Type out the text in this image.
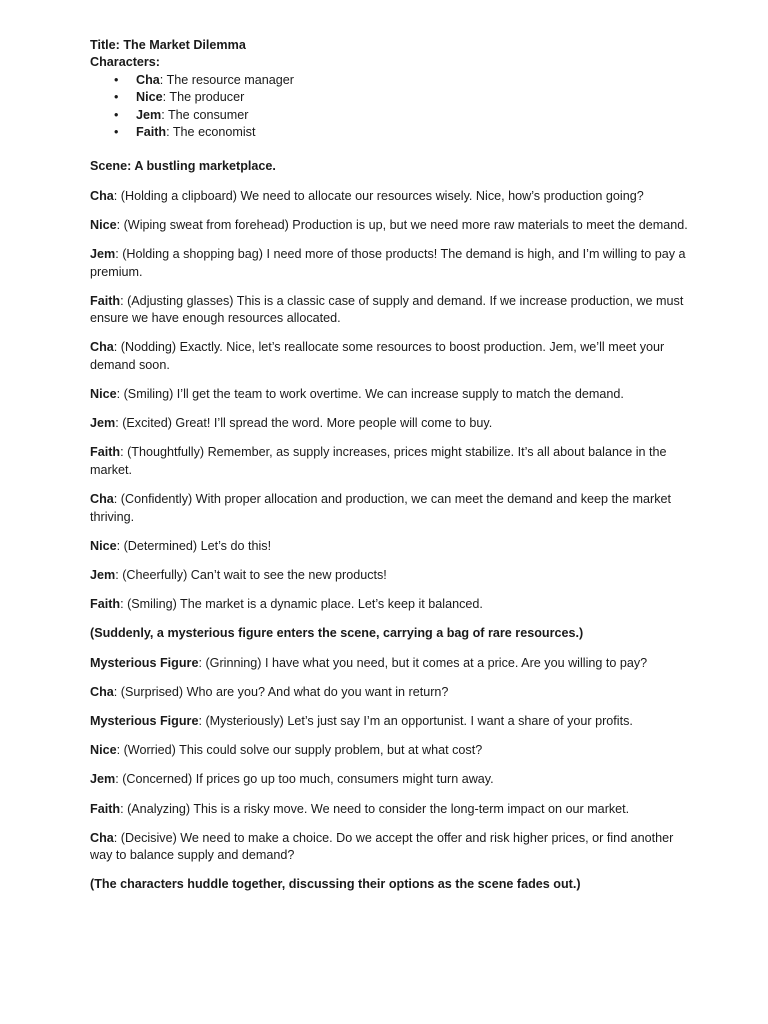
Title: The Market Dilemma

Characters:

• Cha: The resource manager
• Nice: The producer
• Jem: The consumer
• Faith: The economist

Scene: A bustling marketplace.

Cha: (Holding a clipboard) We need to allocate our resources wisely. Nice, how’s production going?

Nice: (Wiping sweat from forehead) Production is up, but we need more raw materials to meet the demand.

Jem: (Holding a shopping bag) I need more of those products! The demand is high, and I’m willing to pay a premium.

Faith: (Adjusting glasses) This is a classic case of supply and demand. If we increase production, we must ensure we have enough resources allocated.

Cha: (Nodding) Exactly. Nice, let’s reallocate some resources to boost production. Jem, we’ll meet your demand soon.

Nice: (Smiling) I’ll get the team to work overtime. We can increase supply to match the demand.

Jem: (Excited) Great! I’ll spread the word. More people will come to buy.

Faith: (Thoughtfully) Remember, as supply increases, prices might stabilize. It’s all about balance in the market.

Cha: (Confidently) With proper allocation and production, we can meet the demand and keep the market thriving.

Nice: (Determined) Let’s do this!

Jem: (Cheerfully) Can’t wait to see the new products!

Faith: (Smiling) The market is a dynamic place. Let’s keep it balanced.

(Suddenly, a mysterious figure enters the scene, carrying a bag of rare resources.)

Mysterious Figure: (Grinning) I have what you need, but it comes at a price. Are you willing to pay?

Cha: (Surprised) Who are you? And what do you want in return?

Mysterious Figure: (Mysteriously) Let’s just say I’m an opportunist. I want a share of your profits.

Nice: (Worried) This could solve our supply problem, but at what cost?

Jem: (Concerned) If prices go up too much, consumers might turn away.

Faith: (Analyzing) This is a risky move. We need to consider the long-term impact on our market.

Cha: (Decisive) We need to make a choice. Do we accept the offer and risk higher prices, or find another way to balance supply and demand?

(The characters huddle together, discussing their options as the scene fades out.)
